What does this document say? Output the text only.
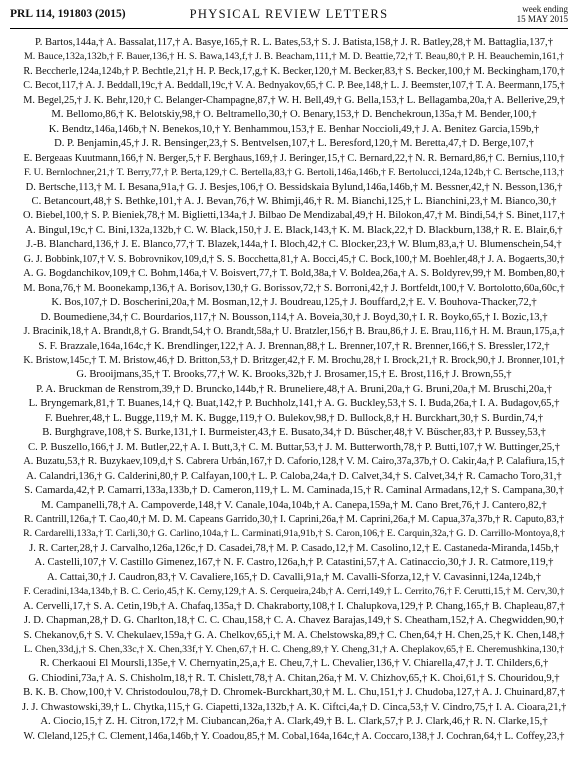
PRL 114, 191803 (2015)	PHYSICAL REVIEW LETTERS	week ending
15 MAY 2015
P. Bartos,144a,† A. Bassalat,117,† A. Basye,165,† R. L. Bates,53,† S. J. Batista,158,† J. R. Batley,28,† M. Battaglia,137,†
M. Bauce,132a,132b,† F. Bauer,136,† H. S. Bawa,143,f,† J. B. Beacham,111,† M. D. Beattie,72,† T. Beau,80,† P. H. Beauchemin,161,†
R. Beccherle,124a,124b,† P. Bechtle,21,† H. P. Beck,17,g,† K. Becker,120,† M. Becker,83,† S. Becker,100,† M. Beckingham,170,†
C. Becot,117,† A. J. Beddall,19c,† A. Beddall,19c,† V. A. Bednyakov,65,† C. P. Bee,148,† L. J. Beemster,107,† T. A. Beermann,175,†
M. Begel,25,† J. K. Behr,120,† C. Belanger-Champagne,87,† W. H. Bell,49,† G. Bella,153,† L. Bellagamba,20a,† A. Bellerive,29,†
M. Bellomo,86,† K. Belotskiy,98,† O. Beltramello,30,† O. Benary,153,† D. Benchekroun,135a,† M. Bender,100,†
K. Bendtz,146a,146b,† N. Benekos,10,† Y. Benhammou,153,† E. Benhar Noccioli,49,† J. A. Benitez Garcia,159b,†
D. P. Benjamin,45,† J. R. Bensinger,23,† S. Bentvelsen,107,† L. Beresford,120,† M. Beretta,47,† D. Berge,107,†
E. Bergeaas Kuutmann,166,† N. Berger,5,† F. Berghaus,169,† J. Beringer,15,† C. Bernard,22,† N. R. Bernard,86,† C. Bernius,110,†
F. U. Bernlochner,21,† T. Berry,77,† P. Berta,129,† C. Bertella,83,† G. Bertoli,146a,146b,† F. Bertolucci,124a,124b,† C. Bertsche,113,†
D. Bertsche,113,† M. I. Besana,91a,† G. J. Besjes,106,† O. Bessidskaia Bylund,146a,146b,† M. Bessner,42,† N. Besson,136,†
C. Betancourt,48,† S. Bethke,101,† A. J. Bevan,76,† W. Bhimji,46,† R. M. Bianchi,125,† L. Bianchini,23,† M. Bianco,30,†
O. Biebel,100,† S. P. Bieniek,78,† M. Biglietti,134a,† J. Bilbao De Mendizabal,49,† H. Bilokon,47,† M. Bindi,54,† S. Binet,117,†
A. Bingul,19c,† C. Bini,132a,132b,† C. W. Black,150,† J. E. Black,143,† K. M. Black,22,† D. Blackburn,138,† R. E. Blair,6,†
J.-B. Blanchard,136,† J. E. Blanco,77,† T. Blazek,144a,† I. Bloch,42,† C. Blocker,23,† W. Blum,83,a,† U. Blumenschein,54,†
G. J. Bobbink,107,† V. S. Bobrovnikov,109,d,† S. S. Bocchetta,81,† A. Bocci,45,† C. Bock,100,† M. Boehler,48,† J. A. Bogaerts,30,†
A. G. Bogdanchikov,109,† C. Bohm,146a,† V. Boisvert,77,† T. Bold,38a,† V. Boldea,26a,† A. S. Boldyrev,99,† M. Bomben,80,†
M. Bona,76,† M. Boonekamp,136,† A. Borisov,130,† G. Borissov,72,† S. Borroni,42,† J. Bortfeldt,100,† V. Bortolotto,60a,60c,†
K. Bos,107,† D. Boscherini,20a,† M. Bosman,12,† J. Boudreau,125,† J. Bouffard,2,† E. V. Bouhova-Thacker,72,†
D. Boumediene,34,† C. Bourdarios,117,† N. Bousson,114,† A. Boveia,30,† J. Boyd,30,† I. R. Boyko,65,† I. Bozic,13,†
J. Bracinik,18,† A. Brandt,8,† G. Brandt,54,† O. Brandt,58a,† U. Bratzler,156,† B. Brau,86,† J. E. Brau,116,† H. M. Braun,175,a,†
S. F. Brazzale,164a,164c,† K. Brendlinger,122,† A. J. Brennan,88,† L. Brenner,107,† R. Brenner,166,† S. Bressler,172,†
K. Bristow,145c,† T. M. Bristow,46,† D. Britton,53,† D. Britzger,42,† F. M. Brochu,28,† I. Brock,21,† R. Brock,90,† J. Bronner,101,†
G. Brooijmans,35,† T. Brooks,77,† W. K. Brooks,32b,† J. Brosamer,15,† E. Brost,116,† J. Brown,55,†
P. A. Bruckman de Renstrom,39,† D. Bruncko,144b,† R. Bruneliere,48,† A. Bruni,20a,† G. Bruni,20a,† M. Bruschi,20a,†
L. Bryngemark,81,† T. Buanes,14,† Q. Buat,142,† P. Buchholz,141,† A. G. Buckley,53,† S. I. Buda,26a,† I. A. Budagov,65,†
F. Buehrer,48,† L. Bugge,119,† M. K. Bugge,119,† O. Bulekov,98,† D. Bullock,8,† H. Burckhart,30,† S. Burdin,74,†
B. Burghgrave,108,† S. Burke,131,† I. Burmeister,43,† E. Busato,34,† D. Büscher,48,† V. Büscher,83,† P. Bussey,53,†
C. P. Buszello,166,† J. M. Butler,22,† A. I. Butt,3,† C. M. Buttar,53,† J. M. Butterworth,78,† P. Butti,107,† W. Buttinger,25,†
A. Buzatu,53,† R. Buzykaev,109,d,† S. Cabrera Urbán,167,† D. Caforio,128,† V. M. Cairo,37a,37b,† O. Cakir,4a,† P. Calafiura,15,†
A. Calandri,136,† G. Calderini,80,† P. Calfayan,100,† L. P. Caloba,24a,† D. Calvet,34,† S. Calvet,34,† R. Camacho Toro,31,†
S. Camarda,42,† P. Camarri,133a,133b,† D. Cameron,119,† L. M. Caminada,15,† R. Caminal Armadans,12,† S. Campana,30,†
M. Campanelli,78,† A. Campoverde,148,† V. Canale,104a,104b,† A. Canepa,159a,† M. Cano Bret,76,† J. Cantero,82,†
R. Cantrill,126a,† T. Cao,40,† M. D. M. Capeans Garrido,30,† I. Caprini,26a,† M. Caprini,26a,† M. Capua,37a,37b,† R. Caputo,83,†
R. Cardarelli,133a,† T. Carli,30,† G. Carlino,104a,† L. Carminati,91a,91b,† S. Caron,106,† E. Carquin,32a,† G. D. Carrillo-Montoya,8,†
J. R. Carter,28,† J. Carvalho,126a,126c,† D. Casadei,78,† M. P. Casado,12,† M. Casolino,12,† E. Castaneda-Miranda,145b,†
A. Castelli,107,† V. Castillo Gimenez,167,† N. F. Castro,126a,h,† P. Catastini,57,† A. Catinaccio,30,† J. R. Catmore,119,†
A. Cattai,30,† J. Caudron,83,† V. Cavaliere,165,† D. Cavalli,91a,† M. Cavalli-Sforza,12,† V. Cavasinni,124a,124b,†
F. Ceradini,134a,134b,† B. C. Cerio,45,† K. Cerny,129,† A. S. Cerqueira,24b,† A. Cerri,149,† L. Cerrito,76,† F. Cerutti,15,† M. Cerv,30,†
A. Cervelli,17,† S. A. Cetin,19b,† A. Chafaq,135a,† D. Chakraborty,108,† I. Chalupkova,129,† P. Chang,165,† B. Chapleau,87,†
J. D. Chapman,28,† D. G. Charlton,18,† C. C. Chau,158,† C. A. Chavez Barajas,149,† S. Cheatham,152,† A. Chegwidden,90,†
S. Chekanov,6,† S. V. Chekulaev,159a,† G. A. Chelkov,65,i,† M. A. Chelstowska,89,† C. Chen,64,† H. Chen,25,† K. Chen,148,†
L. Chen,33d,j,† S. Chen,33c,† X. Chen,33f,† Y. Chen,67,† H. C. Cheng,89,† Y. Cheng,31,† A. Cheplakov,65,† E. Cheremushkina,130,†
R. Cherkaoui El Moursli,135e,† V. Chernyatin,25,a,† E. Cheu,7,† L. Chevalier,136,† V. Chiarella,47,† J. T. Childers,6,†
G. Chiodini,73a,† A. S. Chisholm,18,† R. T. Chislett,78,† A. Chitan,26a,† M. V. Chizhov,65,† K. Choi,61,† S. Chouridou,9,†
B. K. B. Chow,100,† V. Christodoulou,78,† D. Chromek-Burckhart,30,† M. L. Chu,151,† J. Chudoba,127,† A. J. Chuinard,87,†
J. J. Chwastowski,39,† L. Chytka,115,† G. Ciapetti,132a,132b,† A. K. Ciftci,4a,† D. Cinca,53,† V. Cindro,75,† I. A. Cioara,21,†
A. Ciocio,15,† Z. H. Citron,172,† M. Ciubancan,26a,† A. Clark,49,† B. L. Clark,57,† P. J. Clark,46,† R. N. Clarke,15,†
W. Cleland,125,† C. Clement,146a,146b,† Y. Coadou,85,† M. Cobal,164a,164c,† A. Coccaro,138,† J. Cochran,64,† L. Coffey,23,†
